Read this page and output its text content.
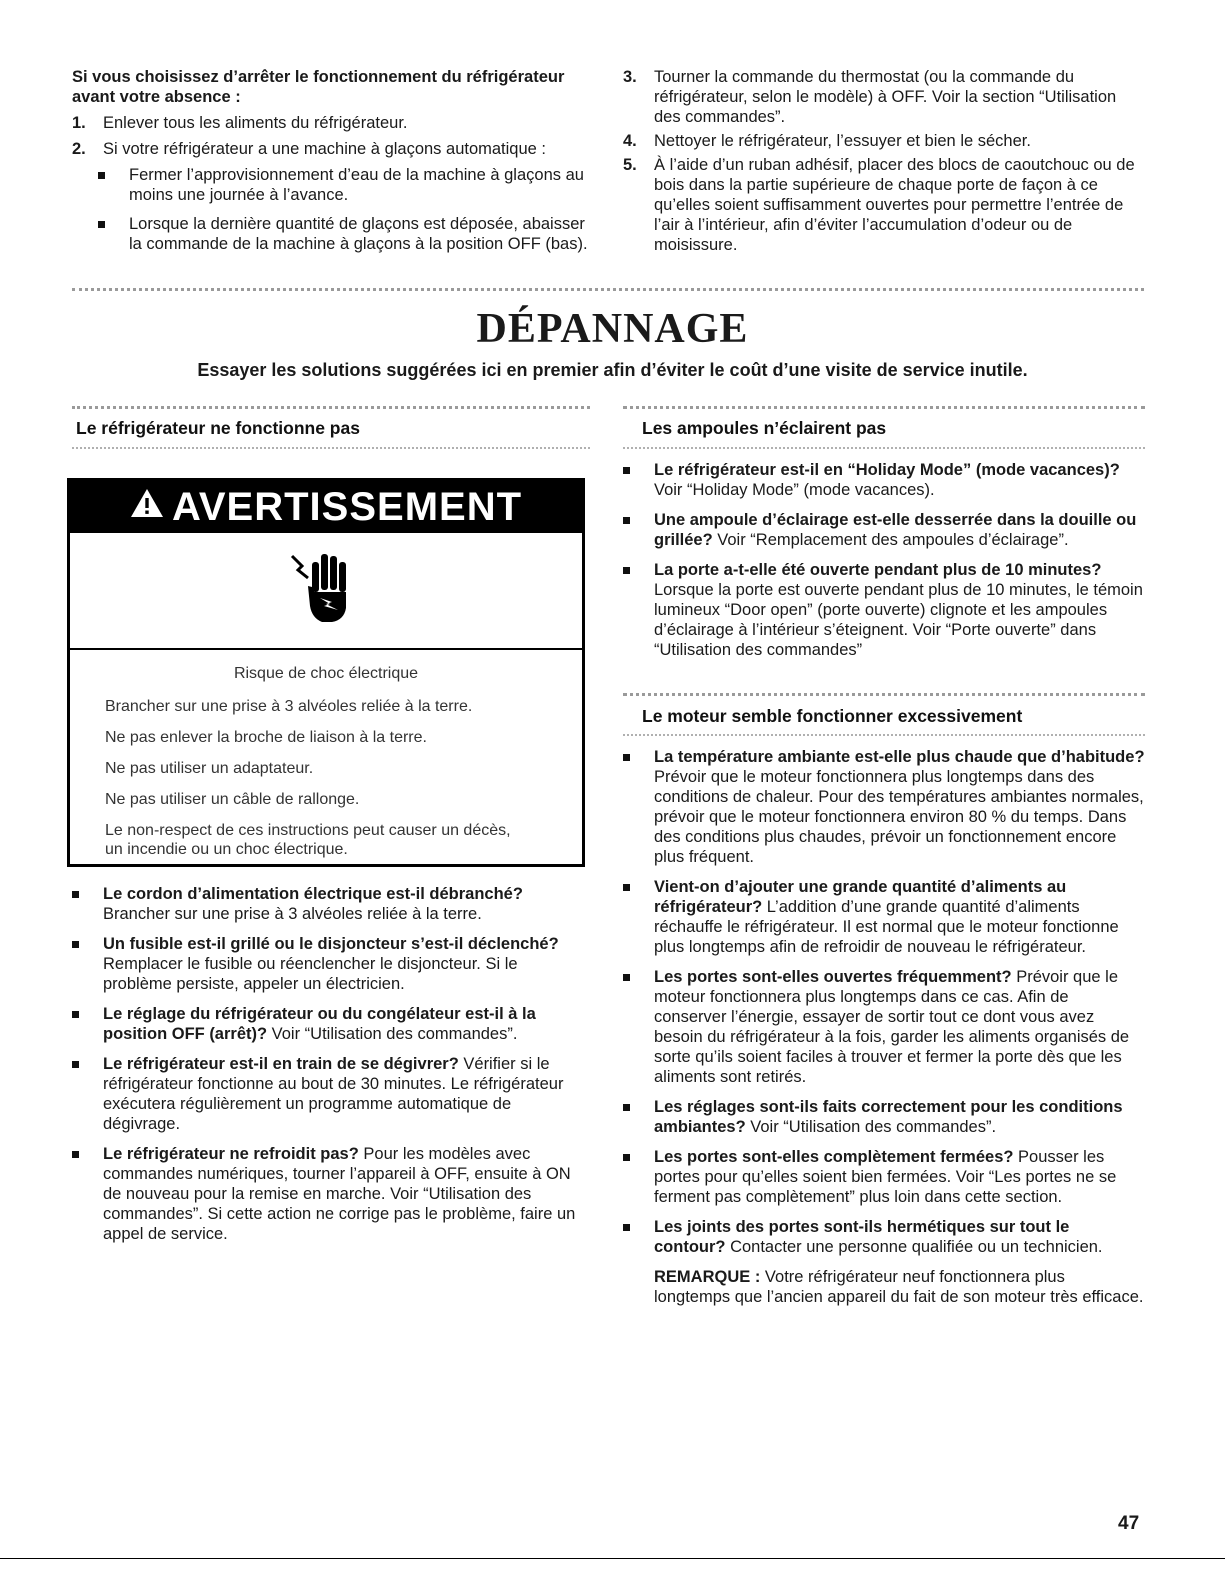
Si vous choisissez d’arrêter le fonctionnement du réfrigérateur avant votre absence :
1. Enlever tous les aliments du réfrigérateur.
2. Si votre réfrigérateur a une machine à glaçons automatique :
Fermer l’approvisionnement d’eau de la machine à glaçons au moins une journée à l’avance.
Lorsque la dernière quantité de glaçons est déposée, abaisser la commande de la machine à glaçons à la position OFF (bas).
3. Tourner la commande du thermostat (ou la commande du réfrigérateur, selon le modèle) à OFF. Voir la section “Utilisation des commandes”.
4. Nettoyer le réfrigérateur, l’essuyer et bien le sécher.
5. À l’aide d’un ruban adhésif, placer des blocs de caoutchouc ou de bois dans la partie supérieure de chaque porte de façon à ce qu’elles soient suffisamment ouvertes pour permettre l’entrée de l’air à l’intérieur, afin d’éviter l’accumulation d’odeur ou de moisissure.
DÉPANNAGE
Essayer les solutions suggérées ici en premier afin d’éviter le coût d’une visite de service inutile.
Le réfrigérateur ne fonctionne pas
AVERTISSEMENT

Risque de choc électrique

Brancher sur une prise à 3 alvéoles reliée à la terre.

Ne pas enlever la broche de liaison à la terre.

Ne pas utiliser un adaptateur.

Ne pas utiliser un câble de rallonge.

Le non-respect de ces instructions peut causer un décès, un incendie ou un choc électrique.

Le cordon d’alimentation électrique est-il débranché? Brancher sur une prise à 3 alvéoles reliée à la terre.
Un fusible est-il grillé ou le disjoncteur s’est-il déclenché? Remplacer le fusible ou réenclencher le disjoncteur. Si le problème persiste, appeler un électricien.
Le réglage du réfrigérateur ou du congélateur est-il à la position OFF (arrêt)? Voir “Utilisation des commandes”.
Le réfrigérateur est-il en train de se dégivrer? Vérifier si le réfrigérateur fonctionne au bout de 30 minutes. Le réfrigérateur exécutera régulièrement un programme automatique de dégivrage.
Le réfrigérateur ne refroidit pas? Pour les modèles avec commandes numériques, tourner l’appareil à OFF, ensuite à ON de nouveau pour la remise en marche. Voir “Utilisation des commandes”. Si cette action ne corrige pas le problème, faire un appel de service.
Les ampoules n’éclairent pas
Le réfrigérateur est-il en “Holiday Mode” (mode vacances)? Voir “Holiday Mode” (mode vacances).
Une ampoule d’éclairage est-elle desserrée dans la douille ou grillée? Voir “Remplacement des ampoules d’éclairage”.
La porte a-t-elle été ouverte pendant plus de 10 minutes? Lorsque la porte est ouverte pendant plus de 10 minutes, le témoin lumineux “Door open” (porte ouverte) clignote et les ampoules d’éclairage à l’intérieur s’éteignent. Voir “Porte ouverte” dans “Utilisation des commandes”
Le moteur semble fonctionner excessivement
La température ambiante est-elle plus chaude que d’habitude? Prévoir que le moteur fonctionnera plus longtemps dans des conditions de chaleur. Pour des températures ambiantes normales, prévoir que le moteur fonctionnera environ 80 % du temps. Dans des conditions plus chaudes, prévoir un fonctionnement encore plus fréquent.
Vient-on d’ajouter une grande quantité d’aliments au réfrigérateur? L’addition d’une grande quantité d’aliments réchauffe le réfrigérateur. Il est normal que le moteur fonctionne plus longtemps afin de refroidir de nouveau le réfrigérateur.
Les portes sont-elles ouvertes fréquemment? Prévoir que le moteur fonctionnera plus longtemps dans ce cas. Afin de conserver l’énergie, essayer de sortir tout ce dont vous avez besoin du réfrigérateur à la fois, garder les aliments organisés de sorte qu’ils soient faciles à trouver et fermer la porte dès que les aliments sont retirés.
Les réglages sont-ils faits correctement pour les conditions ambiantes? Voir “Utilisation des commandes”.
Les portes sont-elles complètement fermées? Pousser les portes pour qu’elles soient bien fermées. Voir “Les portes ne se ferment pas complètement” plus loin dans cette section.
Les joints des portes sont-ils hermétiques sur tout le contour? Contacter une personne qualifiée ou un technicien.
REMARQUE : Votre réfrigérateur neuf fonctionnera plus longtemps que l’ancien appareil du fait de son moteur très efficace.
47
